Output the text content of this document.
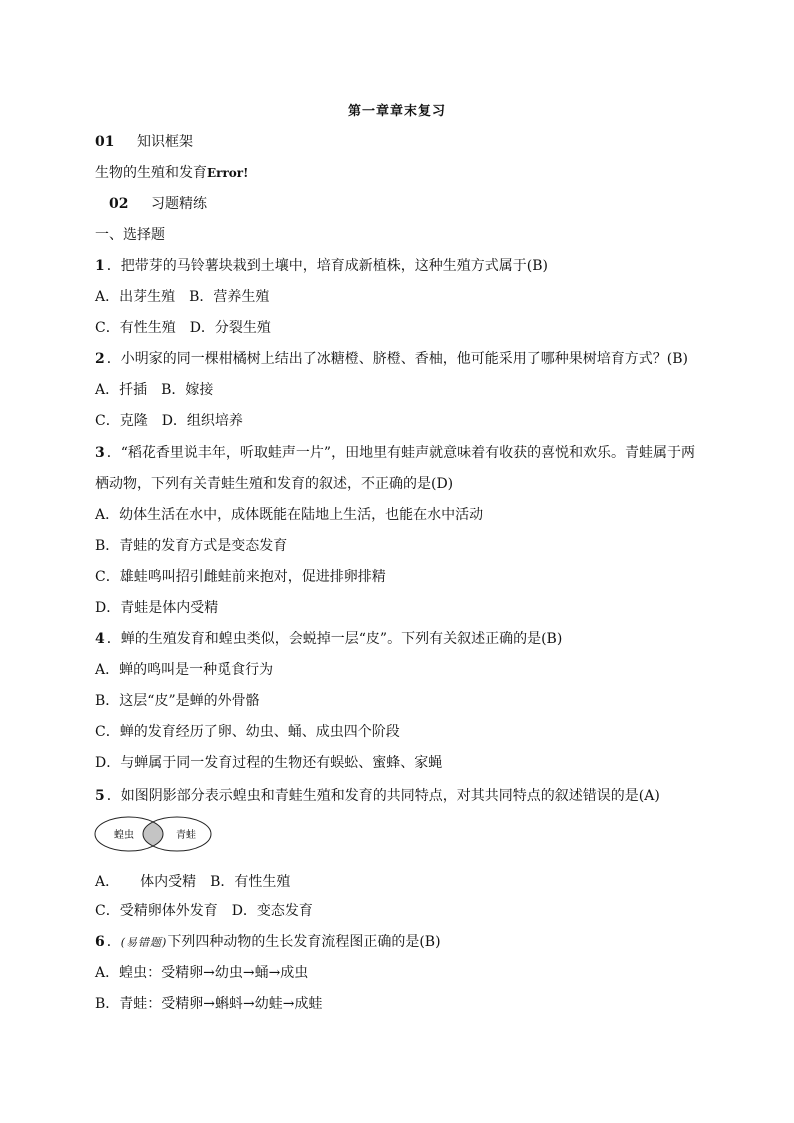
第一章章末复习
01 知识框架
生物的生殖和发育Error!
02 习题精练
一、选择题
1 ．把带芽的马铃薯块栽到土壤中，培育成新植株，这种生殖方式属于(B)
A．出芽生殖　B．营养生殖
C．有性生殖　D．分裂生殖
2 ．小明家的同一棵柑橘树上结出了冰糖橙、脐橙、香柚，他可能采用了哪种果树培育方式？(B)
A．扦插　B．嫁接
C．克隆　D．组织培养
3 ．“稻花香里说丰年，听取蛙声一片”，田地里有蛙声就意味着有收获的喜悦和欢乐。青蛙属于两栖动物，下列有关青蛙生殖和发育的叙述，不正确的是(D)
A．幼体生活在水中，成体既能在陆地上生活，也能在水中活动
B．青蛙的发育方式是变态发育
C．雄蛙鸣叫招引雌蛙前来抱对，促进排卵排精
D．青蛙是体内受精
4 ．蝉的生殖发育和蝗虫类似，会蜕掉一层“皮”。下列有关叙述正确的是(B)
A．蝉的鸣叫是一种觅食行为
B．这层“皮”是蝉的外骨骼
C．蝉的发育经历了卵、幼虫、蛹、成虫四个阶段
D．与蝉属于同一发育过程的生物还有蜈蚣、蜜蜂、家蝇
5 ．如图阴影部分表示蝗虫和青蛙生殖和发育的共同特点，对其共同特点的叙述错误的是(A)
蝗虫	青蛙
A．　　体内受精　B．有性生殖
C．受精卵体外发育　D．变态发育
6 ．(易错题)下列四种动物的生长发育流程图正确的是(B)
A．蝗虫：受精卵→幼虫→蛹→成虫
B．青蛙：受精卵→蝌蚪→幼蛙→成蛙
